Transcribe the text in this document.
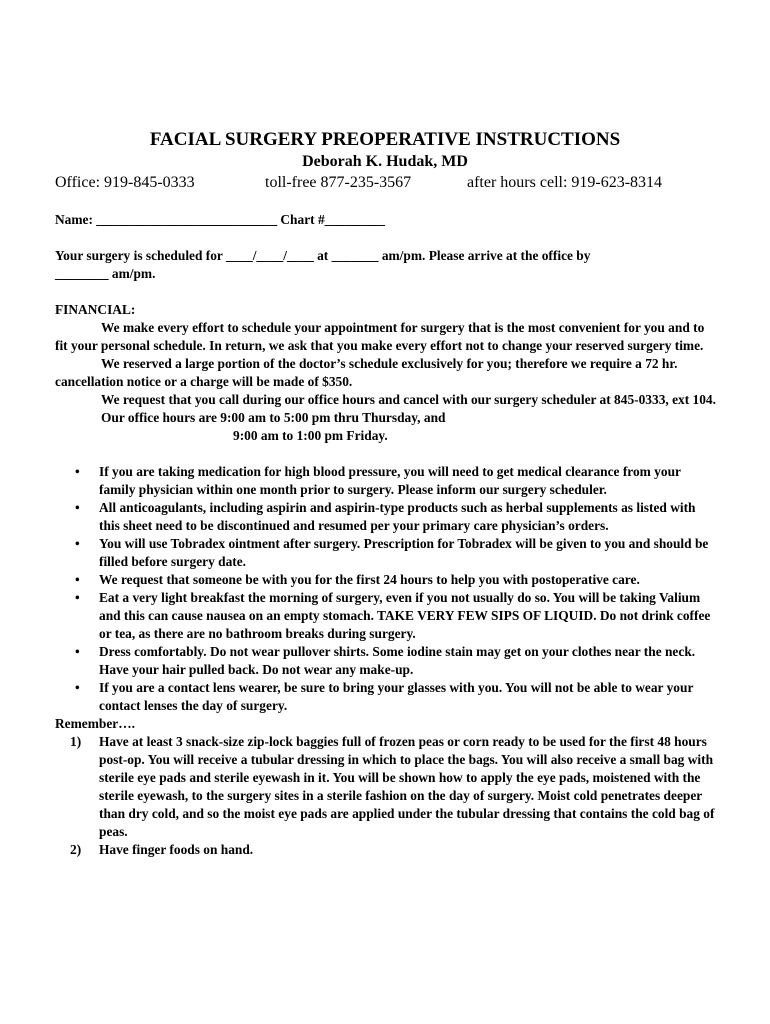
FACIAL SURGERY PREOPERATIVE INSTRUCTIONS
Deborah K. Hudak, MD
Office: 919-845-0333	toll-free 877-235-3567	after hours cell: 919-623-8314

Name: ___________________________ Chart #_________

Your surgery is scheduled for ____/____/____ at _______ am/pm. Please arrive at the office by

________ am/pm.

FINANCIAL:

We make every effort to schedule your appointment for surgery that is the most convenient for you and to fit your personal schedule. In return, we ask that you make every effort not to change your reserved surgery time.

We reserved a large portion of the doctor’s schedule exclusively for you; therefore we require a 72 hr. cancellation notice or a charge will be made of $350.

We request that you call during our office hours and cancel with our surgery scheduler at 845-0333, ext 104.

Our office hours are 9:00 am to 5:00 pm thru Thursday, and

9:00 am to 1:00 pm Friday.

• If you are taking medication for high blood pressure, you will need to get medical clearance from your family physician within one month prior to surgery. Please inform our surgery scheduler.
• All anticoagulants, including aspirin and aspirin-type products such as herbal supplements as listed with this sheet need to be discontinued and resumed per your primary care physician’s orders.
• You will use Tobradex ointment after surgery. Prescription for Tobradex will be given to you and should be filled before surgery date.
• We request that someone be with you for the first 24 hours to help you with postoperative care.
• Eat a very light breakfast the morning of surgery, even if you not usually do so. You will be taking Valium and this can cause nausea on an empty stomach. TAKE VERY FEW SIPS OF LIQUID. Do not drink coffee or tea, as there are no bathroom breaks during surgery.
• Dress comfortably. Do not wear pullover shirts. Some iodine stain may get on your clothes near the neck. Have your hair pulled back. Do not wear any make-up.
• If you are a contact lens wearer, be sure to bring your glasses with you. You will not be able to wear your contact lenses the day of surgery.

Remember….

1) Have at least 3 snack-size zip-lock baggies full of frozen peas or corn ready to be used for the first 48 hours post-op. You will receive a tubular dressing in which to place the bags. You will also receive a small bag with sterile eye pads and sterile eyewash in it. You will be shown how to apply the eye pads, moistened with the sterile eyewash, to the surgery sites in a sterile fashion on the day of surgery. Moist cold penetrates deeper than dry cold, and so the moist eye pads are applied under the tubular dressing that contains the cold bag of peas.
2) Have finger foods on hand.
